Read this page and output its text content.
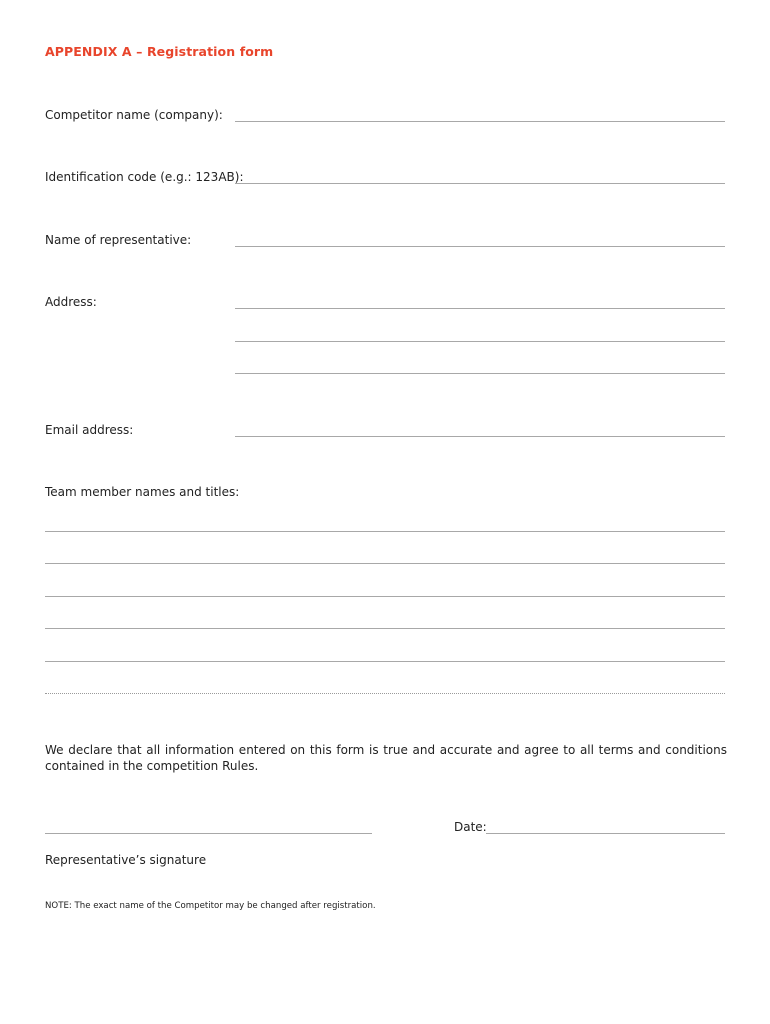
APPENDIX A – Registration form
Competitor name (company):
Identification code (e.g.: 123AB):
Name of representative:
Address:
Email address:
Team member names and titles:
We declare that all information entered on this form is true and accurate and agree to all terms and conditions contained in the competition Rules.
Date:
Representative’s signature
NOTE: The exact name of the Competitor may be changed after registration.
